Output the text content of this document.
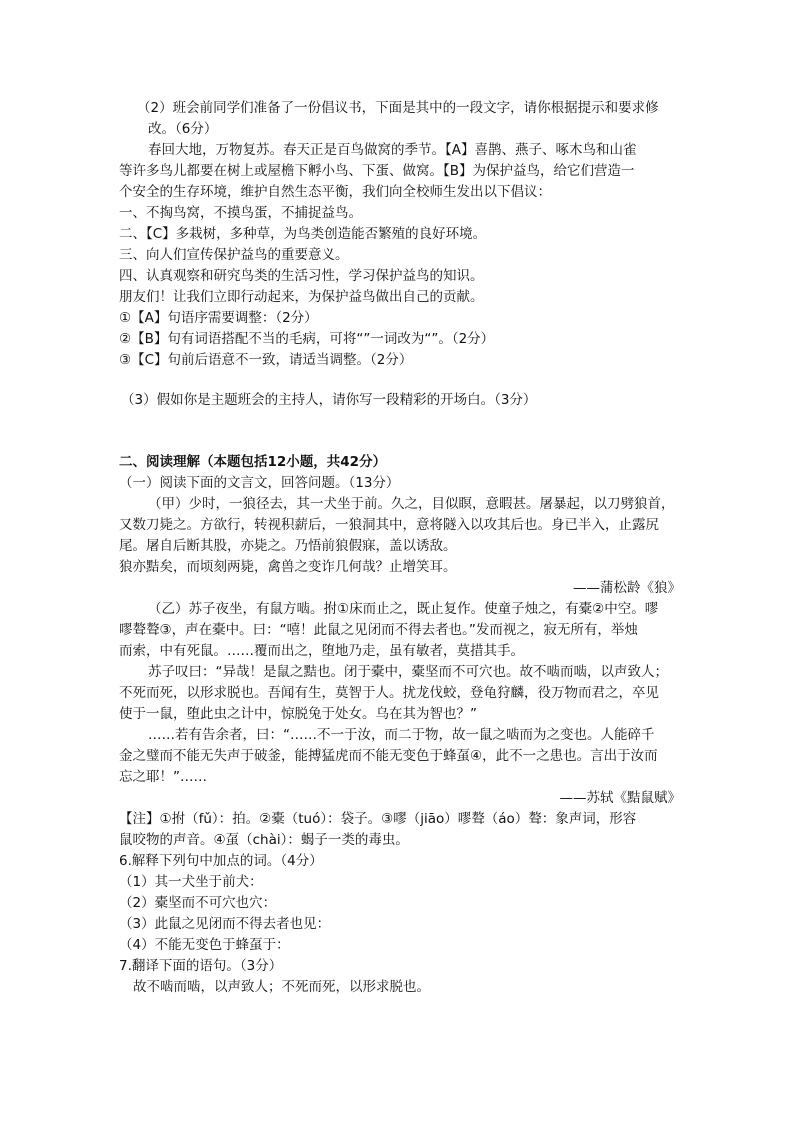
（2）班会前同学们准备了一份倡议书，下面是其中的一段文字，请你根据提示和要求修
改。（6分）
春回大地，万物复苏。春天正是百鸟做窝的季节。【A】喜鹊、燕子、啄木鸟和山雀
等许多鸟儿都要在树上或屋檐下孵小鸟、下蛋、做窝。【B】为保护益鸟，给它们营造一
个安全的生存环境，维护自然生态平衡，我们向全校师生发出以下倡议：
一、不掏鸟窝，不摸鸟蛋，不捕捉益鸟。
二、【C】多栽树，多种草，为鸟类创造能否繁殖的良好环境。
三、向人们宣传保护益鸟的重要意义。
四、认真观察和研究鸟类的生活习性，学习保护益鸟的知识。
朋友们！让我们立即行动起来，为保护益鸟做出自己的贡献。
①【A】句语序需要调整：（2分）
②【B】句有词语搭配不当的毛病，可将“”一词改为“”。（2分）
③【C】句前后语意不一致，请适当调整。（2分）
（3）假如你是主题班会的主持人，请你写一段精彩的开场白。（3分）
二、阅读理解（本题包括12小题，共42分）
（一）阅读下面的文言文，回答问题。（13分）
（甲）少时，一狼径去，其一犬坐于前。久之，目似瞑，意暇甚。屠暴起，以刀劈狼首，
又数刀毙之。方欲行，转视积薪后，一狼洞其中，意将隧入以攻其后也。身已半入，止露尻
尾。屠自后断其股，亦毙之。乃悟前狼假寐，盖以诱敌。
狼亦黠矣，而顷刻两毙，禽兽之变诈几何哉？止增笑耳。
——蒲松龄《狼》
（乙）苏子夜坐，有鼠方啮。拊①床而止之，既止复作。使童子烛之，有橐②中空。嘐
嘐聱聱③，声在橐中。曰：“嘻！此鼠之见闭而不得去者也。”发而视之，寂无所有，举烛
而索，中有死鼠。……覆而出之，堕地乃走，虽有敏者，莫措其手。
苏子叹曰：“异哉！是鼠之黠也。闭于橐中，橐坚而不可穴也。故不啮而啮，以声致人；
不死而死，以形求脱也。吾闻有生，莫智于人。扰龙伐蛟，登龟狩麟，役万物而君之，卒见
使于一鼠，堕此虫之计中，惊脱兔于处女。乌在其为智也？”
……若有告余者，曰：“……不一于汝，而二于物，故一鼠之啮而为之变也。人能碎千
金之璧而不能无失声于破釜，能搏猛虎而不能无变色于蜂虿④，此不一之患也。言出于汝而
忘之耶！”……
——苏轼《黠鼠赋》
【注】①拊（fǔ）：拍。②橐（tuó）：袋子。③嘐（jiāo）嘐聱（áo）聱：象声词，形容
鼠咬物的声音。④虿（chài）：蝎子一类的毒虫。
6.解释下列句中加点的词。（4分）
（1）其一犬坐于前犬：
（2）橐坚而不可穴也穴：
（3）此鼠之见闭而不得去者也见：
（4）不能无变色于蜂虿于：
7.翻译下面的语句。（3分）
故不啮而啮，以声致人；不死而死，以形求脱也。
